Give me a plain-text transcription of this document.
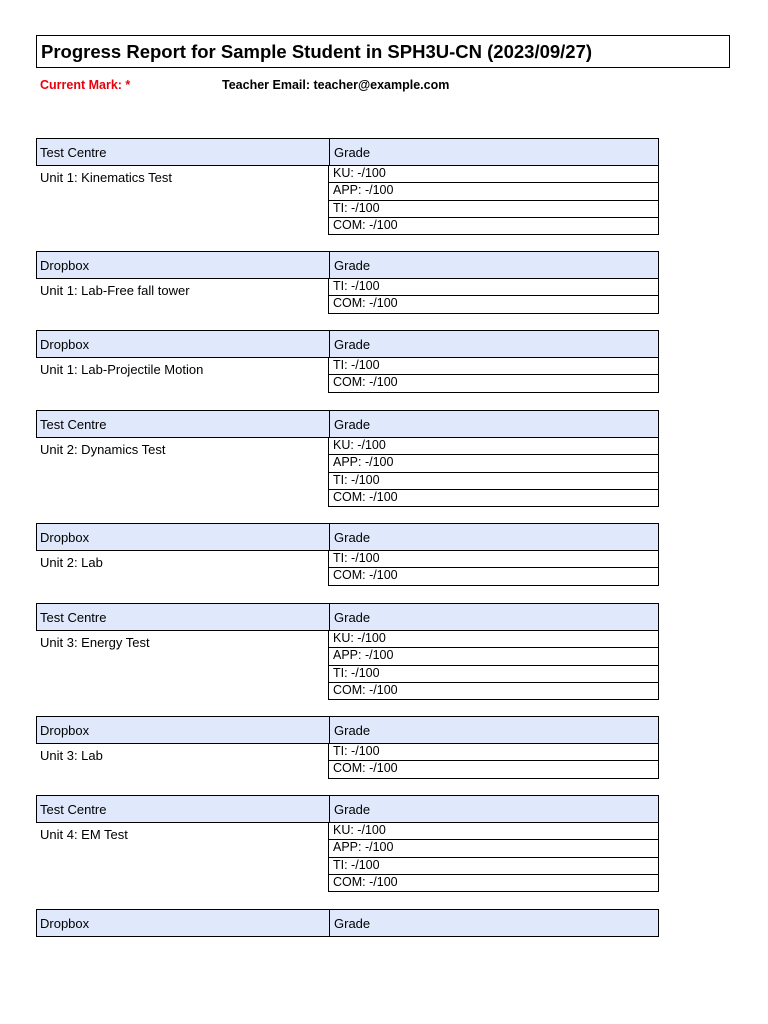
Progress Report for Sample Student in SPH3U-CN (2023/09/27)
Current Mark: *	Teacher Email: teacher@example.com
Test Centre	Grade
Unit 1: Kinematics Test	KU: -/100
APP: -/100
TI: -/100
COM: -/100
Dropbox	Grade
Unit 1: Lab-Free fall tower	TI: -/100
COM: -/100
Dropbox	Grade
Unit 1: Lab-Projectile Motion	TI: -/100
COM: -/100
Test Centre	Grade
Unit 2: Dynamics Test	KU: -/100
APP: -/100
TI: -/100
COM: -/100
Dropbox	Grade
Unit 2: Lab	TI: -/100
COM: -/100
Test Centre	Grade
Unit 3: Energy Test	KU: -/100
APP: -/100
TI: -/100
COM: -/100
Dropbox	Grade
Unit 3: Lab	TI: -/100
COM: -/100
Test Centre	Grade
Unit 4: EM Test	KU: -/100
APP: -/100
TI: -/100
COM: -/100
Dropbox	Grade
